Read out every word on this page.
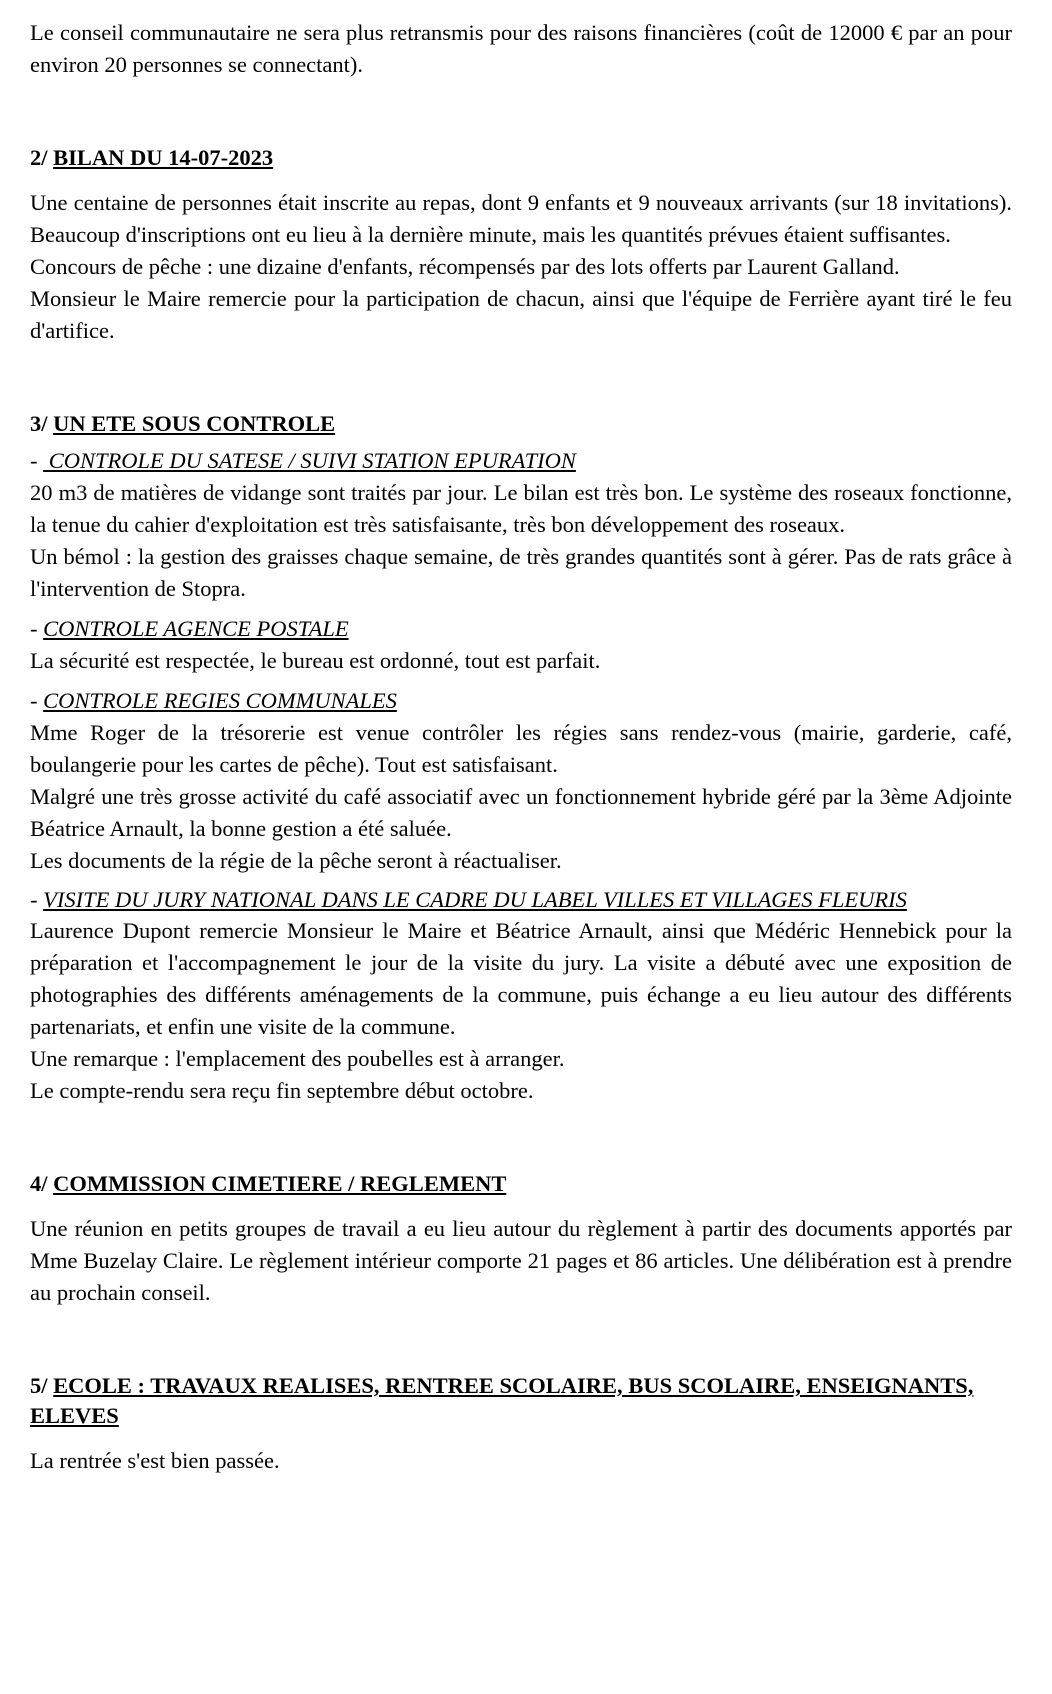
Le conseil communautaire ne sera plus retransmis pour des raisons financières (coût de 12000 € par an pour environ 20 personnes se connectant).

2/ BILAN DU 14-07-2023

Une centaine de personnes était inscrite au repas, dont 9 enfants et 9 nouveaux arrivants (sur 18 invitations). Beaucoup d'inscriptions ont eu lieu à la dernière minute, mais les quantités prévues étaient suffisantes.

Concours de pêche : une dizaine d'enfants, récompensés par des lots offerts par Laurent Galland.

Monsieur le Maire remercie pour la participation de chacun, ainsi que l'équipe de Ferrière ayant tiré le feu d'artifice.

3/ UN ETE SOUS CONTROLE
-  CONTROLE DU SATESE / SUIVI STATION EPURATION

20 m3 de matières de vidange sont traités par jour. Le bilan est très bon. Le système des roseaux fonctionne, la tenue du cahier d'exploitation est très satisfaisante, très bon développement des roseaux.

Un bémol : la gestion des graisses chaque semaine, de très grandes quantités sont à gérer. Pas de rats grâce à l'intervention de Stopra.

- CONTROLE AGENCE POSTALE

La sécurité est respectée, le bureau est ordonné, tout est parfait.

- CONTROLE REGIES COMMUNALES

Mme Roger de la trésorerie est venue contrôler les régies sans rendez-vous (mairie, garderie, café, boulangerie pour les cartes de pêche). Tout est satisfaisant.

Malgré une très grosse activité du café associatif avec un fonctionnement hybride géré par la 3ème Adjointe Béatrice Arnault, la bonne gestion a été saluée.

Les documents de la régie de la pêche seront à réactualiser.

- VISITE DU JURY NATIONAL DANS LE CADRE DU LABEL VILLES ET VILLAGES FLEURIS

Laurence Dupont remercie Monsieur le Maire et Béatrice Arnault, ainsi que Médéric Hennebick pour la préparation et l'accompagnement le jour de la visite du jury. La visite a débuté avec une exposition de photographies des différents aménagements de la commune, puis échange a eu lieu autour des différents partenariats, et enfin une visite de la commune.

Une remarque : l'emplacement des poubelles est à arranger.

Le compte-rendu sera reçu fin septembre début octobre.

4/ COMMISSION CIMETIERE / REGLEMENT

Une réunion en petits groupes de travail a eu lieu autour du règlement à partir des documents apportés par Mme Buzelay Claire. Le règlement intérieur comporte 21 pages et 86 articles. Une délibération est à prendre au prochain conseil.

5/ ECOLE : TRAVAUX REALISES, RENTREE SCOLAIRE, BUS SCOLAIRE, ENSEIGNANTS, ELEVES

La rentrée s'est bien passée.
